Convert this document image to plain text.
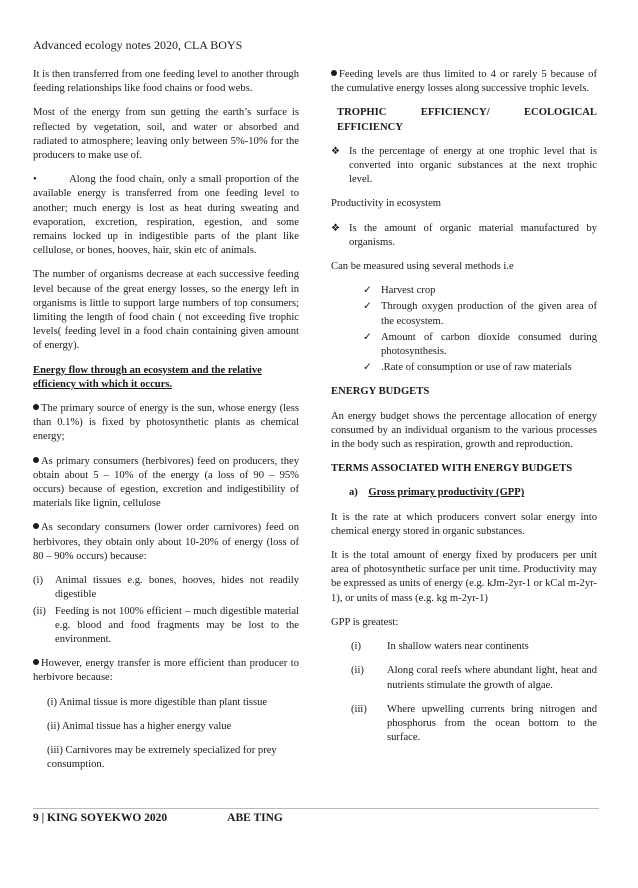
Advanced ecology notes 2020, CLA BOYS

It is then transferred from one feeding level to another through feeding relationships like food chains or food webs.

Most of the energy from sun getting the earth’s surface is reflected by vegetation, soil, and water or absorbed and radiated to atmosphere; leaving only between 5%-10% for the producers to make use of.

•	Along the food chain, only a small proportion of the available energy is transferred from one feeding level to another; much energy is lost as heat during sweating and evaporation, excretion, respiration, egestion, and some remains locked up in indigestible parts of the plant like cellulose, or bones, hooves, hair, skin etc of animals.

The number of organisms decrease at each successive feeding level because of the great energy losses, so the energy left in organisms is little to support large numbers of top consumers; limiting the length of food chain ( not exceeding five trophic levels( feeding level in a food chain containing given amount of energy).

Energy flow through an ecosystem and the relative efficiency with which it occurs.

The primary source of energy is the sun, whose energy (less than 0.1%) is fixed by photosynthetic plants as chemical energy;

As primary consumers (herbivores) feed on producers, they obtain about 5 – 10% of the energy (a loss of 90 – 95% occurs) because of egestion, excretion and indigestibility of materials like lignin, cellulose

As secondary consumers (lower order carnivores) feed on herbivores, they obtain only about 10-20% of energy (loss of 80 – 90% occurs) because:

(i)	Animal tissues e.g. bones, hooves, hides not readily digestible
(ii) Feeding is not 100% efficient – much digestible material e.g. blood and food fragments may be lost to the environment.

However, energy transfer is more efficient than producer to herbivore because:

(i) Animal tissue is more digestible than plant tissue

(ii) Animal tissue has a higher energy value

(iii) Carnivores may be extremely specialized for prey consumption.

Feeding levels are thus limited to 4 or rarely 5 because of the cumulative energy losses along successive trophic levels.

TROPHIC EFFICIENCY/ ECOLOGICAL EFFICIENCY
❖ Is the percentage of energy at one trophic level that is converted into organic substances at the next trophic level.

Productivity in ecosystem

❖ Is the amount of organic material manufactured by organisms.

Can be measured using several methods i.e

✓ Harvest crop
✓ Through oxygen production of the given area of the ecosystem.
✓ Amount of carbon dioxide consumed during photosynthesis.
✓ .Rate of consumption or use of raw materials
ENERGY BUDGETS

An energy budget shows the percentage allocation of energy consumed by an individual organism to the various processes in the body such as respiration, growth and reproduction.

TERMS ASSOCIATED WITH ENERGY BUDGETS
a) Gross primary productivity (GPP)

It is the rate at which producers convert solar energy into chemical energy stored in organic substances.

It is the total amount of energy fixed by producers per unit area of photosynthetic surface per unit time. Productivity may be expressed as units of energy (e.g. kJm-2yr-1 or kCal m-2yr-1), or units of mass (e.g. kg m-2yr-1)

GPP is greatest:

(i)	In shallow waters near continents
(ii)	Along coral reefs where abundant light, heat and nutrients stimulate the growth of algae.
(iii)	Where upwelling currents bring nitrogen and phosphorus from the ocean bottom to the surface.
9 | KING SOYEKWO 2020	ABE TING
